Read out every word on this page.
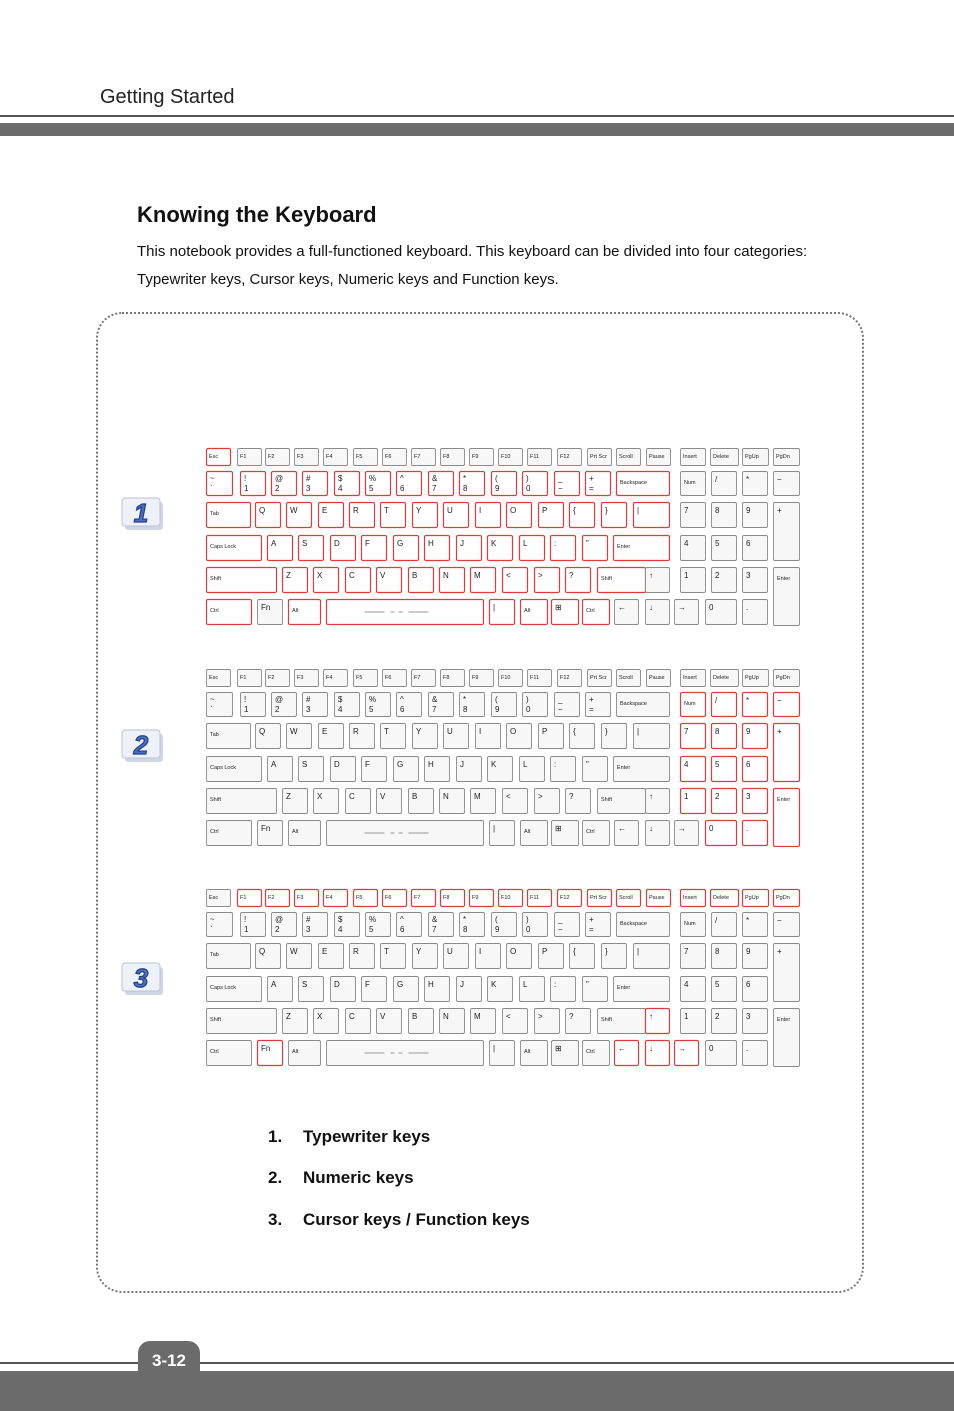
Getting Started
Knowing the Keyboard
This notebook provides a full-functioned keyboard. This keyboard can be divided into four categories: Typewriter keys, Cursor keys, Numeric keys and Function keys.
1
2
3
Esc	F1	F2	F3	F4	F5	F6	F7	F8	F9	F10	F11	F12	Prt Scr Scroll	Pause	Insert	Delete	PgUp	PgDn
~
`
!
1
@
2
#
3
$
4
%
5
^
6
&
7
*
8
(
9
)
0
_
−
+
=
Backspace	Num /	*	−
Tab	Q	W	E	R	T	Y	U	I	O	P	{	}	|	7	8	9	+
Caps Lock	A	S	D	F	G	H	J	K	L	:	"	Enter	4	5	6
Shift	Z	X	C	V	B	N	M	<	>	?	Shift	↑	1	2	3	Enter
Ctrl	Fn	Alt	|	Alt	⊞	Ctrl	←	↓	→	0	.
Esc	F1	F2	F3	F4	F5	F6	F7	F8	F9	F10	F11	F12	Prt Scr Scroll	Pause	Insert	Delete	PgUp	PgDn
~
`
!
1
@
2
#
3
$
4
%
5
^
6
&
7
*
8
(
9
)
0
_
−
+
=
Backspace	Num /	*	−
Tab	Q	W	E	R	T	Y	U	I	O	P	{	}	|	7	8	9	+
Caps Lock	A	S	D	F	G	H	J	K	L	:	"	Enter	4	5	6
Shift	Z	X	C	V	B	N	M	<	>	?	Shift	↑	1	2	3	Enter
Ctrl	Fn	Alt	|	Alt	⊞	Ctrl	←	↓	→	0	.
Esc	F1	F2	F3	F4	F5	F6	F7	F8	F9	F10	F11	F12	Prt Scr Scroll	Pause	Insert	Delete	PgUp	PgDn
~
`
!
1
@
2
#
3
$
4
%
5
^
6
&
7
*
8
(
9
)
0
_
−
+
=
Backspace	Num /	*	−
Tab	Q	W	E	R	T	Y	U	I	O	P	{	}	|	7	8	9	+
Caps Lock	A	S	D	F	G	H	J	K	L	:	"	Enter	4	5	6
Shift	Z	X	C	V	B	N	M	<	>	?	Shift	↑	1	2	3	Enter
Ctrl	Fn	Alt	|	Alt	⊞	Ctrl	←	↓	→	0	.
1. Typewriter keys
2. Numeric keys
3. Cursor keys / Function keys
3-12
